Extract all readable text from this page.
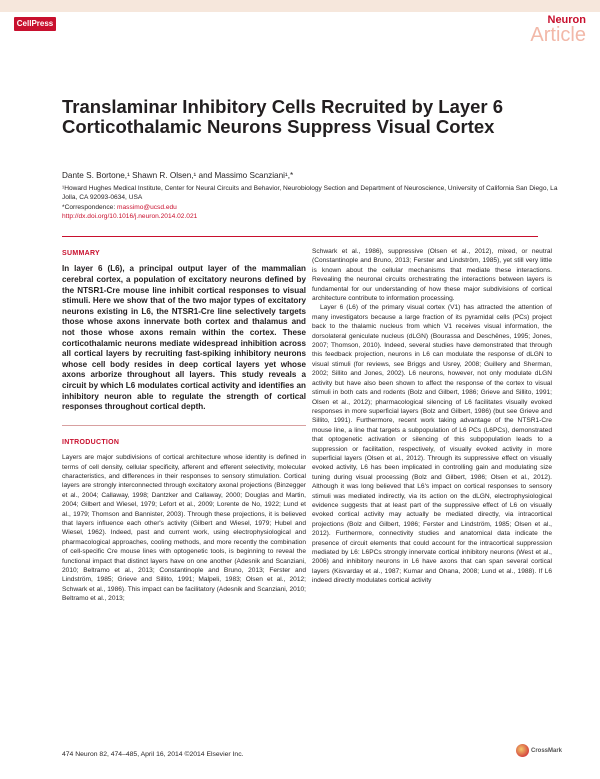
CellPress	Neuron
Article
Translaminar Inhibitory Cells Recruited by Layer 6 Corticothalamic Neurons Suppress Visual Cortex
Dante S. Bortone,¹ Shawn R. Olsen,¹ and Massimo Scanziani¹,*
¹Howard Hughes Medical Institute, Center for Neural Circuits and Behavior, Neurobiology Section and Department of Neuroscience, University of California San Diego, La Jolla, CA 92093-0634, USA
*Correspondence: massimo@ucsd.edu
http://dx.doi.org/10.1016/j.neuron.2014.02.021
SUMMARY

In layer 6 (L6), a principal output layer of the mammalian cerebral cortex, a population of excitatory neurons defined by the NTSR1-Cre mouse line inhibit cortical responses to visual stimuli. Here we show that of the two major types of excitatory neurons existing in L6, the NTSR1-Cre line selectively targets those whose axons innervate both cortex and thalamus and not those whose axons remain within the cortex. These corticothalamic neurons mediate widespread inhibition across all cortical layers by recruiting fast-spiking inhibitory neurons whose cell body resides in deep cortical layers yet whose axons arborize throughout all layers. This study reveals a circuit by which L6 modulates cortical activity and identifies an inhibitory neuron able to regulate the strength of cortical responses throughout cortical depth.

INTRODUCTION

Layers are major subdivisions of cortical architecture whose identity is defined in terms of cell density, cellular specificity, afferent and efferent selectivity, molecular characteristics, and differences in their responses to sensory stimulation. Cortical layers are strongly interconnected through excitatory axonal projections (Binzegger et al., 2004; Callaway, 1998; Dantzker and Callaway, 2000; Douglas and Martin, 2004; Gilbert and Wiesel, 1979; Lefort et al., 2009; Lorente de No, 1922; Lund et al., 1979; Thomson and Bannister, 2003). Through these projections, it is believed that layers influence each other's activity (Gilbert and Wiesel, 1979; Hubel and Wiesel, 1962). Indeed, past and current work, using electrophysiological and pharmacological approaches, cooling methods, and more recently the combination of cell-specific Cre mouse lines with optogenetic tools, is beginning to reveal the functional impact that distinct layers have on one another (Adesnik and Scanziani, 2010; Beltramo et al., 2013; Constantinople and Bruno, 2013; Ferster and Lindström, 1985; Grieve and Sillito, 1991; Malpeli, 1983; Olsen et al., 2012; Schwark et al., 1986). This impact can be facilitatory (Adesnik and Scanziani, 2010; Beltramo et al., 2013;

Schwark et al., 1986), suppressive (Olsen et al., 2012), mixed, or neutral (Constantinople and Bruno, 2013; Ferster and Lindström, 1985), yet still very little is known about the cellular mechanisms that mediate these interactions. Revealing the neuronal circuits orchestrating the interactions between layers is fundamental for our understanding of how these major subdivisions of cortical architecture contribute to information processing.

Layer 6 (L6) of the primary visual cortex (V1) has attracted the attention of many investigators because a large fraction of its pyramidal cells (PCs) project back to the thalamic nucleus from which V1 receives visual information, the dorsolateral geniculate nucleus (dLGN) (Bourassa and Deschênes, 1995; Jones, 2007; Thomson, 2010). Indeed, several studies have demonstrated that through this feedback projection, neurons in L6 can modulate the response of dLGN to visual stimuli (for reviews, see Briggs and Usrey, 2008; Guillery and Sherman, 2002; Sillito and Jones, 2002). L6 neurons, however, not only modulate dLGN activity but have also been shown to affect the response of the cortex to visual stimuli in both cats and rodents (Bolz and Gilbert, 1986; Grieve and Sillito, 1991; Olsen et al., 2012); pharmacological silencing of L6 facilitates visually evoked responses in more superficial layers (Bolz and Gilbert, 1986) (but see Grieve and Sillito, 1991). Furthermore, recent work taking advantage of the NTSR1-Cre mouse line, a line that targets a subpopulation of L6 PCs (L6PCs), demonstrated that optogenetic activation or silencing of this subpopulation leads to a suppression or facilitation, respectively, of visually evoked activity in more superficial layers (Olsen et al., 2012). Through its suppressive effect on visually evoked activity, L6 has been implicated in controlling gain and modulating size tuning during visual processing (Bolz and Gilbert, 1986; Olsen et al., 2012). Although it was long believed that L6's impact on cortical responses to sensory stimuli was mediated indirectly, via its action on the dLGN, electrophysiological evidence suggests that at least part of the suppressive effect of L6 on visually evoked cortical activity may actually be mediated directly, via intracortical projections (Bolz and Gilbert, 1986; Ferster and Lindström, 1985; Olsen et al., 2012). Furthermore, connectivity studies and anatomical data indicate the presence of circuit elements that could account for the intracortical suppression mediated by L6: L6PCs strongly innervate cortical inhibitory neurons (West et al., 2006) and inhibitory neurons in L6 have axons that can span several cortical layers (Kisvarday et al., 1987; Kumar and Ohana, 2008; Lund et al., 1988). If L6 indeed directly modulates cortical activity

474 Neuron 82, 474–485, April 16, 2014 ©2014 Elsevier Inc.
CrossMark
